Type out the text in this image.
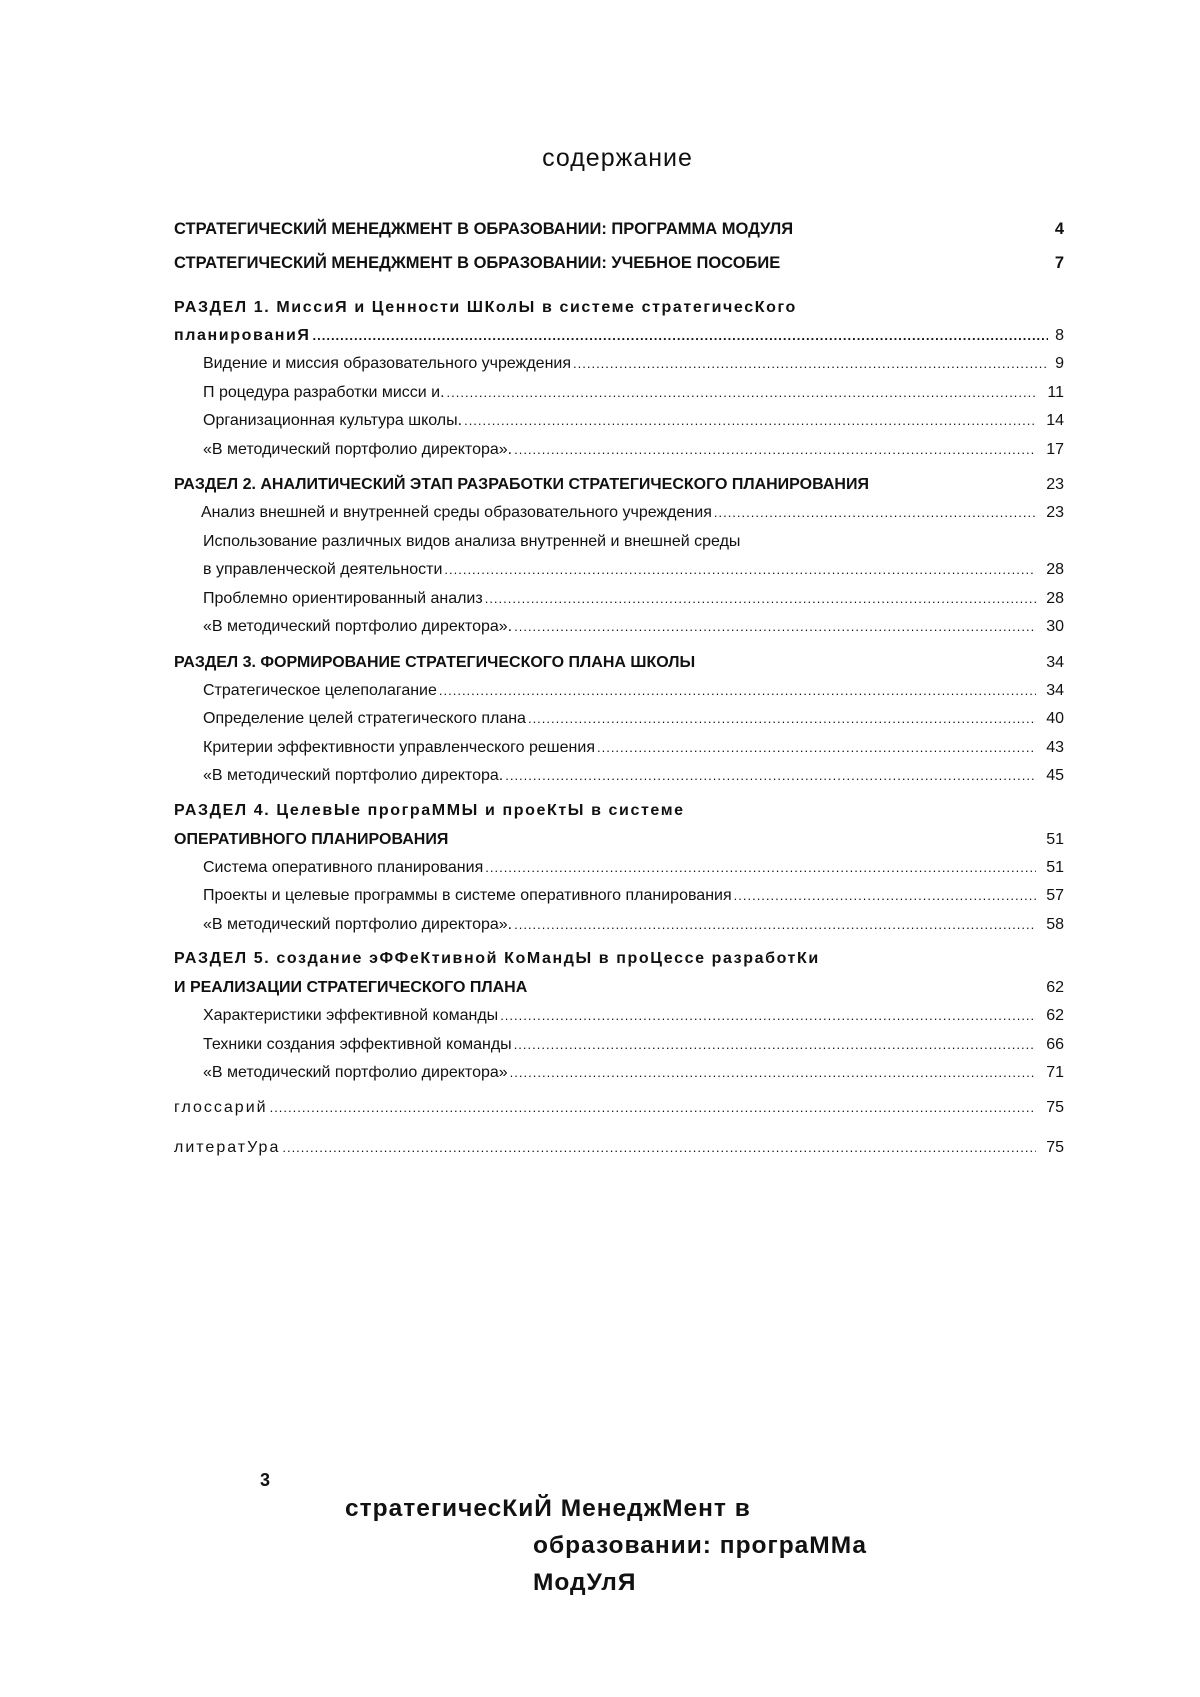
содержание
СТРАТЕГИЧЕСКИЙ МЕНЕДЖМЕНТ В ОБРАЗОВАНИИ: ПРОГРАММА МОДУЛЯ	4
СТРАТЕГИЧЕСКИЙ МЕНЕДЖМЕНТ В ОБРАЗОВАНИИ: УЧЕБНОЕ ПОСОБИЕ	7
РАЗДЕЛ 1. МиссиЯ и Ценности ШКолЫ в системе стратегичесКого
планированиЯ .....	8
Видение и миссия образовательного учреждения .....	9
П роцедура разработки мисси и. .....	11
Организационная культура школы. .....	14
«В методический портфолио директора». .....	17
РАЗДЕЛ 2. АНАЛИТИЧЕСКИЙ ЭТАП РАЗРАБОТКИ СТРАТЕГИЧЕСКОГО ПЛАНИРОВАНИЯ	23
Анализ внешней и внутренней среды образовательного учреждения .....	23
Использование различных видов анализа внутренней и внешней среды
в управленческой деятельности .....	28
Проблемно ориентированный анализ .....	28
«В методический портфолио директора». .....	30
РАЗДЕЛ 3. ФОРМИРОВАНИЕ СТРАТЕГИЧЕСКОГО ПЛАНА ШКОЛЫ	34
Стратегическое целеполагание .....	34
Определение целей стратегического плана .....	40
Критерии эффективности управленческого решения .....	43
«В методический портфолио директора. .....	45
РАЗДЕЛ 4. ЦелевЫе програММЫ и проеКтЫ в системе
ОПЕРАТИВНОГО ПЛАНИРОВАНИЯ	51
Система оперативного планирования .....	51
Проекты и целевые программы в системе оперативного планирования .....	57
«В методический портфолио директора». .....	58
РАЗДЕЛ 5. создание эФФеКтивной КоМандЫ в проЦессе разработКи
И РЕАЛИЗАЦИИ СТРАТЕГИЧЕСКОГО ПЛАНА	62
Характеристики эффективной команды .....	62
Техники создания эффективной команды .....	66
«В методический портфолио директора» .....	71
глоссарий .....	75
литератУра .....	75
3
стратегичесКиЙ МенеджМент в
образовании: програММа
МодУлЯ
